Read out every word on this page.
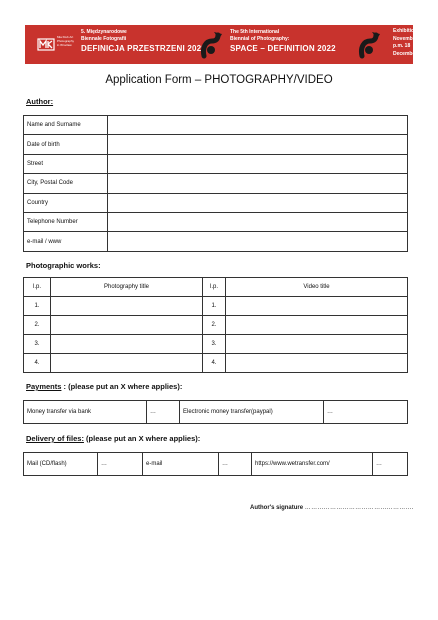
Mia Klub Art Photography in Wroclaw
5. Międzynarodowe
Biennale Fotografii
DEFINICJA PRZESTRZENI 2022
The 5th International
Biennial of Photography:
SPACE – DEFINITION 2022
Exhibition
November 4
p.m. 18
December 2
Application Form – PHOTOGRAPHY/VIDEO
Author:
Name and Surname	
Date of birth	
Street	
City, Postal Code	
Country	
Telephone Number	
e-mail / www	
Photographic works:
l.p.	Photography title	l.p.	Video title
1.		1.	
2.		2.	
3.		3.	
4.		4.	
Payments : (please put an X where applies):
Money transfer via bank	…	Electronic money transfer(paypal)	…
Delivery of files: (please put an X where applies):
Mail (CD/flash)	…	e-mail	…	https://www.wetransfer.com/	…
Author's signature …………………………………………….
